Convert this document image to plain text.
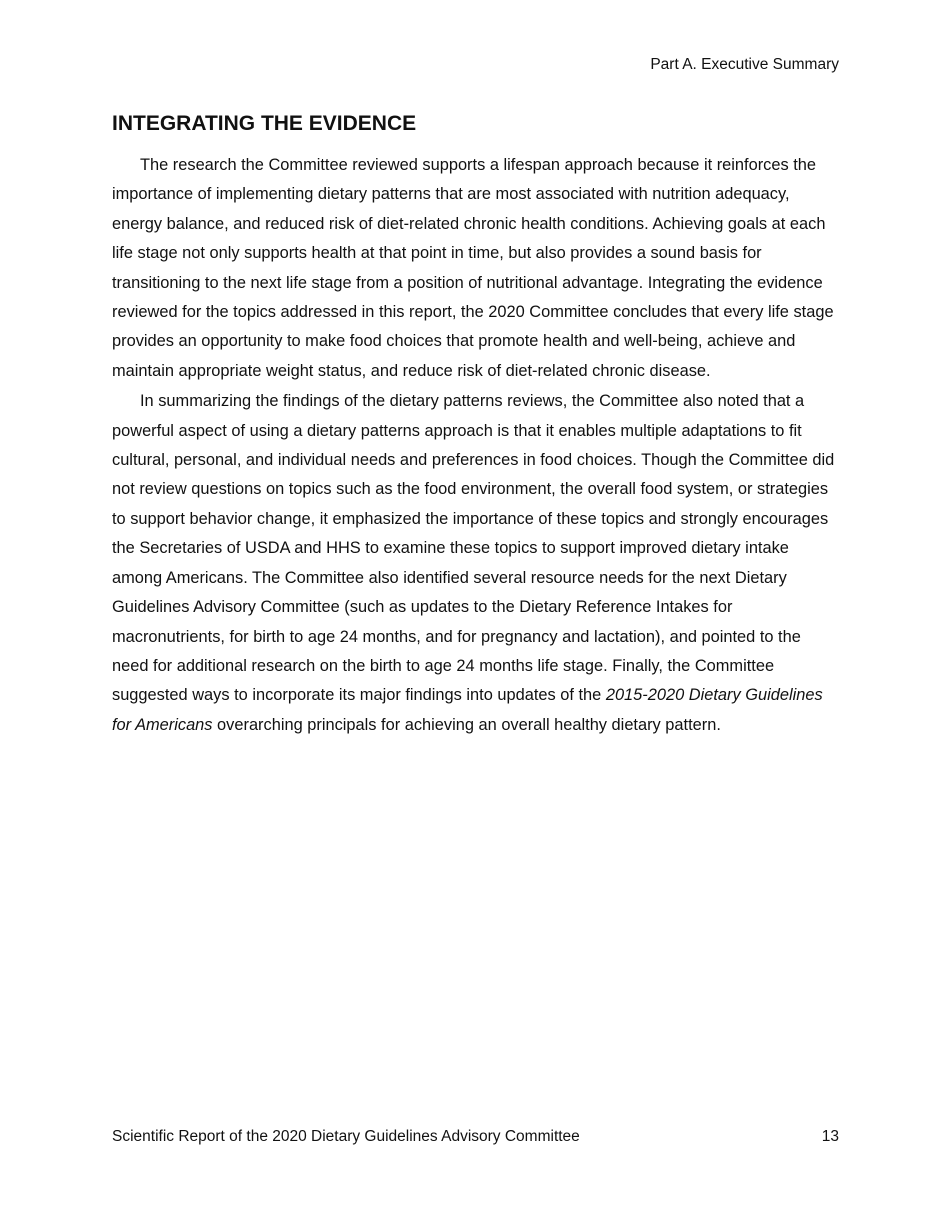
Part A. Executive Summary
INTEGRATING THE EVIDENCE

The research the Committee reviewed supports a lifespan approach because it reinforces the importance of implementing dietary patterns that are most associated with nutrition adequacy, energy balance, and reduced risk of diet-related chronic health conditions. Achieving goals at each life stage not only supports health at that point in time, but also provides a sound basis for transitioning to the next life stage from a position of nutritional advantage. Integrating the evidence reviewed for the topics addressed in this report, the 2020 Committee concludes that every life stage provides an opportunity to make food choices that promote health and well-being, achieve and maintain appropriate weight status, and reduce risk of diet-related chronic disease.

In summarizing the findings of the dietary patterns reviews, the Committee also noted that a powerful aspect of using a dietary patterns approach is that it enables multiple adaptations to fit cultural, personal, and individual needs and preferences in food choices. Though the Committee did not review questions on topics such as the food environment, the overall food system, or strategies to support behavior change, it emphasized the importance of these topics and strongly encourages the Secretaries of USDA and HHS to examine these topics to support improved dietary intake among Americans. The Committee also identified several resource needs for the next Dietary Guidelines Advisory Committee (such as updates to the Dietary Reference Intakes for macronutrients, for birth to age 24 months, and for pregnancy and lactation), and pointed to the need for additional research on the birth to age 24 months life stage. Finally, the Committee suggested ways to incorporate its major findings into updates of the 2015-2020 Dietary Guidelines for Americans overarching principals for achieving an overall healthy dietary pattern.

Scientific Report of the 2020 Dietary Guidelines Advisory Committee	13
